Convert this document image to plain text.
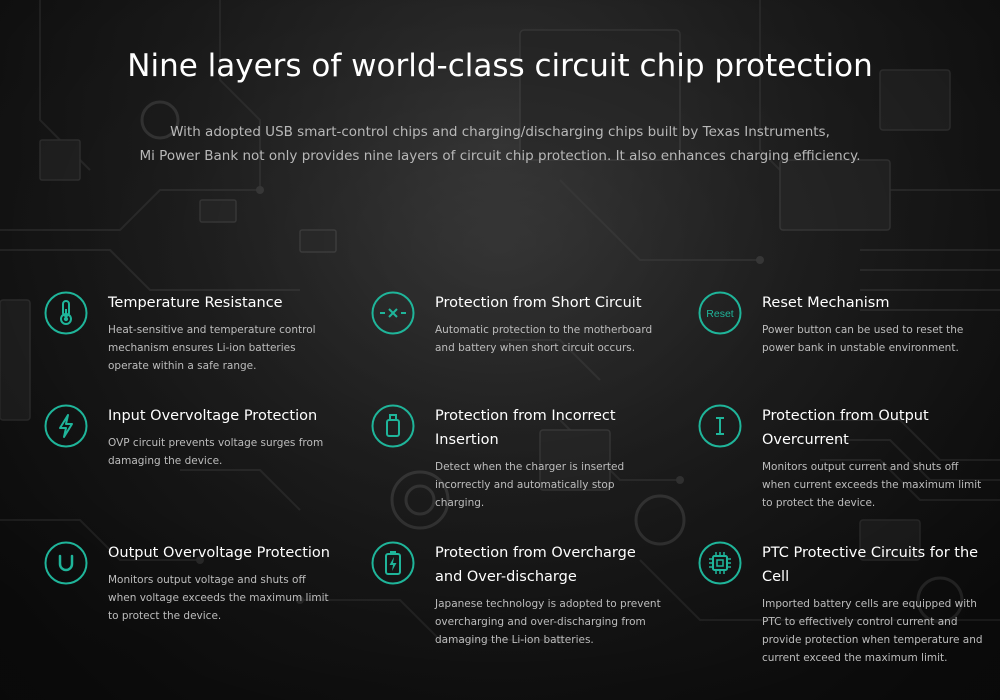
Nine layers of world-class circuit chip protection

With adopted USB smart-control chips and charging/discharging chips built by Texas Instruments,
Mi Power Bank not only provides nine layers of circuit chip protection. It also enhances charging efficiency.

Temperature Resistance

Heat-sensitive and temperature control mechanism ensures Li-ion batteries operate within a safe range.

Protection from Short Circuit

Automatic protection to the motherboard and battery when short circuit occurs.

Reset

Reset Mechanism

Power button can be used to reset the power bank in unstable environment.

Input Overvoltage Protection

OVP circuit prevents voltage surges from damaging the device.

Protection from Incorrect Insertion

Detect when the charger is inserted incorrectly and automatically stop charging.

Protection from Output Overcurrent

Monitors output current and shuts off when current exceeds the maximum limit to protect the device.

Output Overvoltage Protection

Monitors output voltage and shuts off when voltage exceeds the maximum limit to protect the device.

Protection from Overcharge and Over-discharge

Japanese technology is adopted to prevent overcharging and over-discharging from damaging the Li-ion batteries.

PTC Protective Circuits for the Cell

Imported battery cells are equipped with PTC to effectively control current and provide protection when temperature and current exceed the maximum limit.
